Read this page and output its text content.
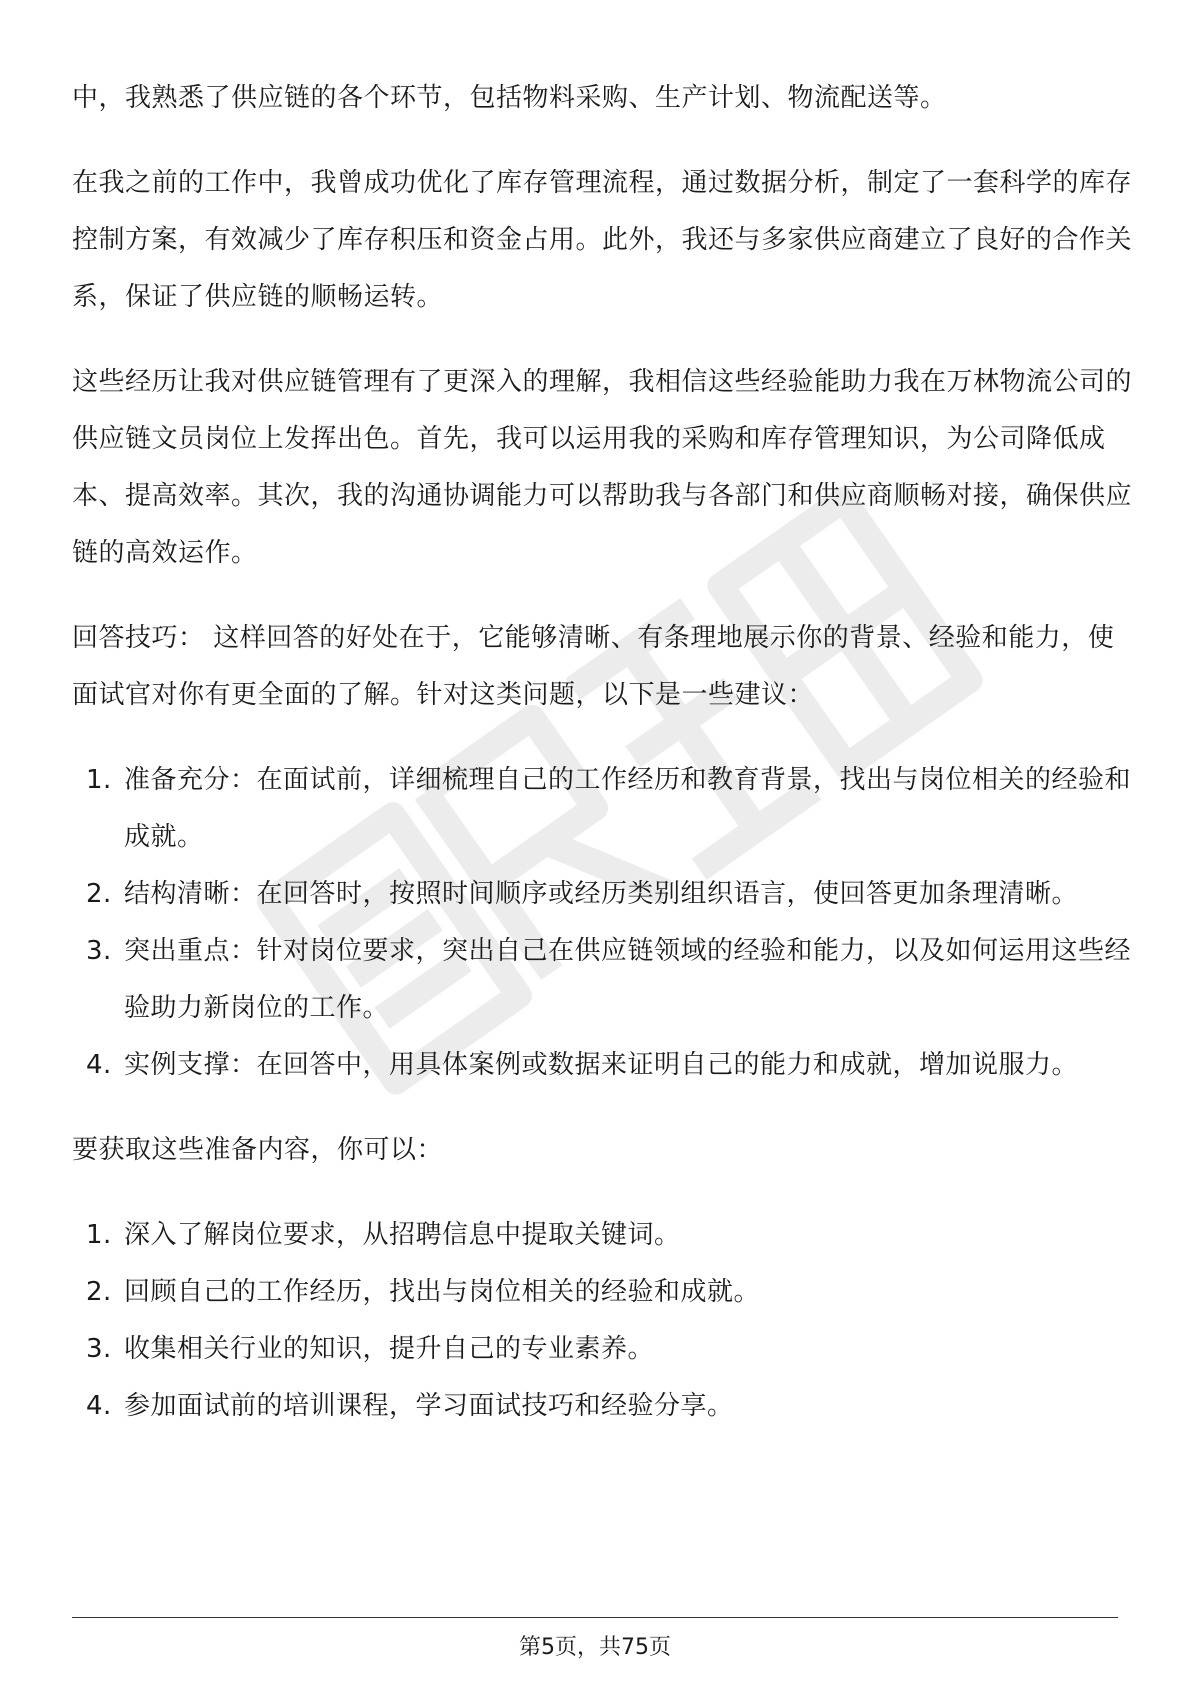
中，我熟悉了供应链的各个环节，包括物料采购、生产计划、物流配送等。

在我之前的工作中，我曾成功优化了库存管理流程，通过数据分析，制定了一套科学的库存控制方案，有效减少了库存积压和资金占用。此外，我还与多家供应商建立了良好的合作关系，保证了供应链的顺畅运转。

这些经历让我对供应链管理有了更深入的理解，我相信这些经验能助力我在万林物流公司的供应链文员岗位上发挥出色。首先，我可以运用我的采购和库存管理知识，为公司降低成本、提高效率。其次，我的沟通协调能力可以帮助我与各部门和供应商顺畅对接，确保供应链的高效运作。

回答技巧： 这样回答的好处在于，它能够清晰、有条理地展示你的背景、经验和能力，使面试官对你有更全面的了解。针对这类问题，以下是一些建议：

1. 准备充分：在面试前，详细梳理自己的工作经历和教育背景，找出与岗位相关的经验和成就。
2. 结构清晰：在回答时，按照时间顺序或经历类别组织语言，使回答更加条理清晰。
3. 突出重点：针对岗位要求，突出自己在供应链领域的经验和能力，以及如何运用这些经验助力新岗位的工作。
4. 实例支撑：在回答中，用具体案例或数据来证明自己的能力和成就，增加说服力。

要获取这些准备内容，你可以：

1. 深入了解岗位要求，从招聘信息中提取关键词。
2. 回顾自己的工作经历，找出与岗位相关的经验和成就。
3. 收集相关行业的知识，提升自己的专业素养。
4. 参加面试前的培训课程，学习面试技巧和经验分享。
第5页，共75页
